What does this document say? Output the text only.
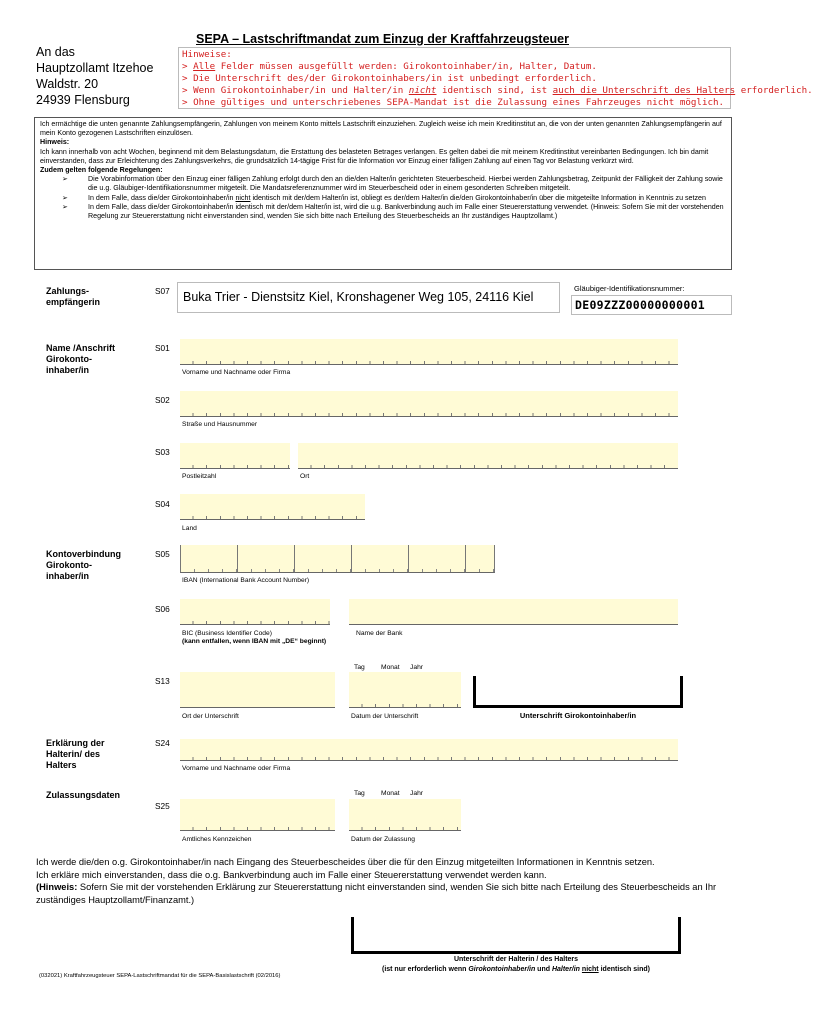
SEPA – Lastschriftmandat zum Einzug der Kraftfahrzeugsteuer
An das
Hauptzollamt Itzehoe
Waldstr. 20
24939 Flensburg
Hinweise:
> Alle Felder müssen ausgefüllt werden: Girokontoinhaber/in, Halter, Datum.
> Die Unterschrift des/der Girokontoinhabers/in ist unbedingt erforderlich.
> Wenn Girokontoinhaber/in und Halter/in nicht identisch sind, ist auch die Unterschrift des Halters erforderlich.
> Ohne gültiges und unterschriebenes SEPA-Mandat ist die Zulassung eines Fahrzeuges nicht möglich.

Ich ermächtige die unten genannte Zahlungsempfängerin, Zahlungen von meinem Konto mittels Lastschrift einzuziehen. Zugleich weise ich mein Kreditinstitut an, die von der unten genannten Zahlungsempfängerin auf mein Konto gezogenen Lastschriften einzulösen.

Hinweis:

Ich kann innerhalb von acht Wochen, beginnend mit dem Belastungsdatum, die Erstattung des belasteten Betrages verlangen. Es gelten dabei die mit meinem Kreditinstitut vereinbarten Bedingungen. Ich bin damit einverstanden, dass zur Erleichterung des Zahlungsverkehrs, die grundsätzlich 14-tägige Frist für die Information vor Einzug einer fälligen Zahlung auf einen Tag vor Belastung verkürzt wird.

Zudem gelten folgende Regelungen:

➢	Die Vorabinformation über den Einzug einer fälligen Zahlung erfolgt durch den an die/den Halter/in gerichteten Steuerbescheid. Hierbei werden Zahlungsbetrag, Zeitpunkt der Fälligkeit der Zahlung sowie die u.g. Gläubiger-Identifikationsnummer mitgeteilt. Die Mandatsreferenznummer wird im Steuerbescheid oder in einem gesonderten Schreiben mitgeteilt.
➢	In dem Falle, dass die/der Girokontoinhaber/in nicht identisch mit der/dem Halter/in ist, obliegt es der/dem Halter/in die/den Girokontoinhaber/in über die mitgeteilte Information in Kenntnis zu setzen
➢	In dem Falle, dass die/der Girokontoinhaber/in identisch mit der/dem Halter/in ist, wird die u.g. Bankverbindung auch im Falle einer Steuererstattung verwendet. (Hinweis: Sofern Sie mit der vorstehenden Regelung zur Steuererstattung nicht einverstanden sind, wenden Sie sich bitte nach Erteilung des Steuerbescheids an Ihr zuständiges Hauptzollamt.)
Zahlungs-
empfängerin
S07	Buka Trier - Dienstsitz Kiel, Kronshagener Weg 105, 24116 Kiel
Gläubiger-Identifikationsnummer:
DE09ZZZ00000000001
Name /Anschrift
Girokonto-
inhaber/in
S01
Vorname und Nachname oder Firma
S02
Straße und Hausnummer
S03
Postleitzahl	Ort
S04
Land
Kontoverbindung
Girokonto-
inhaber/in
S05
IBAN (International Bank Account Number)
S06
BIC (Business Identifier Code)
(kann entfallen, wenn IBAN mit „DE“ beginnt)
Name der Bank
Tag Monat Jahr
S13
Ort der Unterschrift	Datum der Unterschrift	Unterschrift Girokontoinhaber/in
Erklärung der
Halterin/ des
Halters
S24
Vorname und Nachname oder Firma
Zulassungsdaten	Tag Monat Jahr
S25
Amtliches Kennzeichen	Datum der Zulassung

Ich werde die/den o.g. Girokontoinhaber/in nach Eingang des Steuerbescheides über die für den Einzug mitgeteilten Informationen in Kenntnis setzen.

Ich erkläre mich einverstanden, dass die o.g. Bankverbindung auch im Falle einer Steuererstattung verwendet werden kann.

(Hinweis: Sofern Sie mit der vorstehenden Erklärung zur Steuererstattung nicht einverstanden sind, wenden Sie sich bitte nach Erteilung des Steuerbescheids an Ihr zuständiges Hauptzollamt/Finanzamt.)

Unterschrift der Halterin / des Halters
(ist nur erforderlich wenn Girokontoinhaber/in und Halter/in nicht identisch sind)
(032021) Kraftfahrzeugsteuer SEPA-Lastschriftmandat für die SEPA-Basislastschrift (02/2016)
